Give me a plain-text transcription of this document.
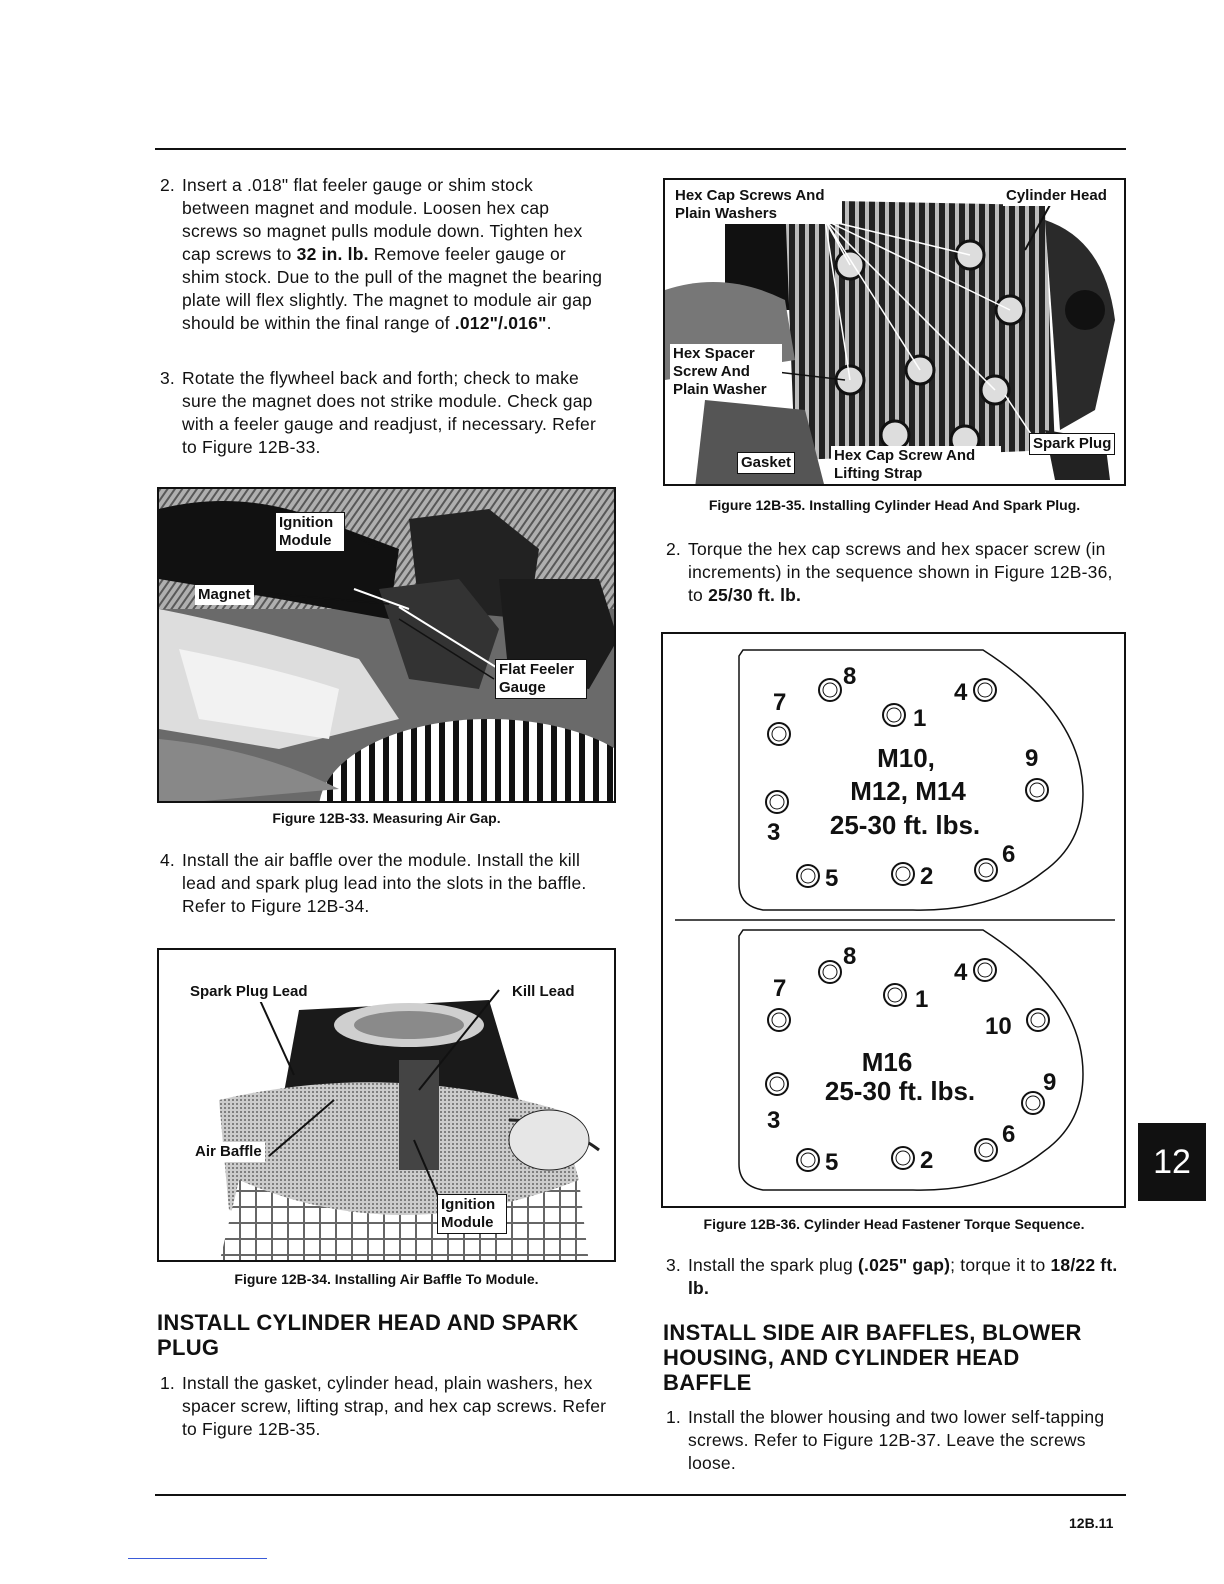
2. Insert a .018" flat feeler gauge or shim stock between magnet and module. Loosen hex cap screws so magnet pulls module down. Tighten hex cap screws to 32 in. lb. Remove feeler gauge or shim stock. Due to the pull of the magnet the bearing plate will flex slightly. The magnet to module air gap should be within the final range of .012"/.016".
3. Rotate the flywheel back and forth; check to make sure the magnet does not strike module. Check gap with a feeler gauge and readjust, if necessary. Refer to Figure 12B-33.
Ignition Module
Magnet
Flat Feeler Gauge
Figure 12B-33. Measuring Air Gap.
4. Install the air baffle over the module. Install the kill lead and spark plug lead into the slots in the baffle. Refer to Figure 12B-34.
Spark Plug Lead	Kill Lead
Air Baffle
Ignition Module
Figure 12B-34. Installing Air Baffle To Module.
INSTALL CYLINDER HEAD AND SPARK PLUG
1. Install the gasket, cylinder head, plain washers, hex spacer screw, lifting strap, and hex cap screws. Refer to Figure 12B-35.
Hex Cap Screws And Plain Washers
Cylinder Head
Hex Spacer Screw And Plain Washer
Spark Plug
Gasket	Hex Cap Screw And Lifting Strap
Figure 12B-35. Installing Cylinder Head And Spark Plug.
2. Torque the hex cap screws and hex spacer screw (in increments) in the sequence shown in Figure 12B-36, to 25/30 ft. lb.
8
4
1
7
9
3
5	2
6
8
4
1
7
10
3
9
5	2
6
M10,
M12, M14
25-30 ft. lbs.
M16
25-30 ft. lbs.
Figure 12B-36. Cylinder Head Fastener Torque Sequence.
3. Install the spark plug (.025" gap); torque it to 18/22 ft. lb.
INSTALL SIDE AIR BAFFLES, BLOWER HOUSING, AND CYLINDER HEAD BAFFLE
1. Install the blower housing and two lower self-tapping screws. Refer to Figure 12B-37. Leave the screws loose.
12
12B.11
